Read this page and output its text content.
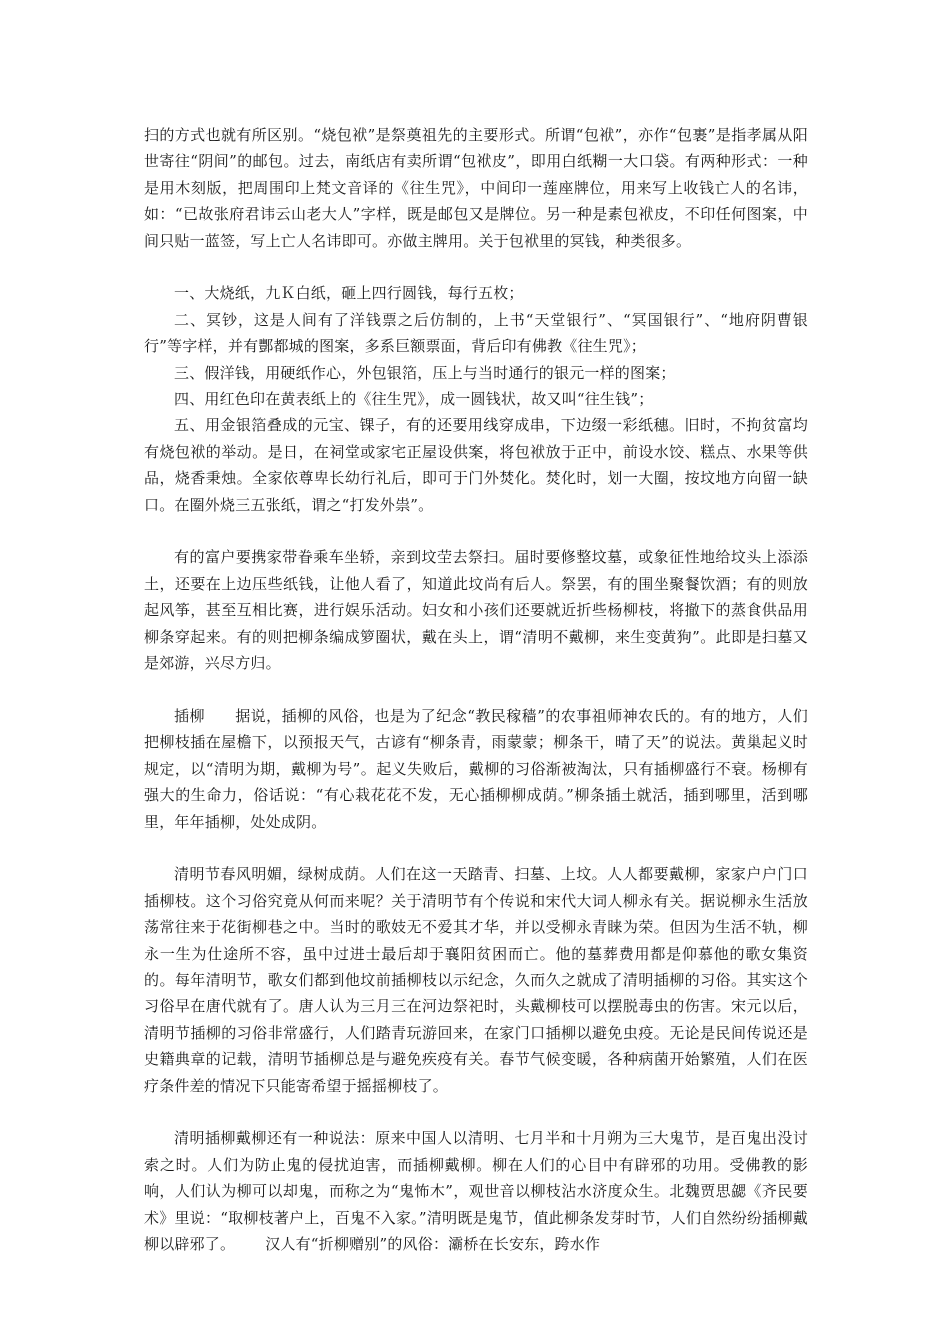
扫的方式也就有所区别。“烧包袱”是祭奠祖先的主要形式。所谓“包袱”，亦作“包裹”是指孝属从阳世寄往“阴间”的邮包。过去，南纸店有卖所谓“包袱皮”，即用白纸糊一大口袋。有两种形式：一种是用木刻版，把周围印上梵文音译的《往生咒》，中间印一莲座牌位，用来写上收钱亡人的名讳，如：“已故张府君讳云山老大人”字样，既是邮包又是牌位。另一种是素包袱皮，不印任何图案，中间只贴一蓝签，写上亡人名讳即可。亦做主牌用。关于包袱里的冥钱，种类很多。

一、大烧纸，九Ｋ白纸，砸上四行圆钱，每行五枚；

二、冥钞，这是人间有了洋钱票之后仿制的，上书“天堂银行”、“冥国银行”、“地府阴曹银行”等字样，并有酆都城的图案，多系巨额票面，背后印有佛教《往生咒》；

三、假洋钱，用硬纸作心，外包银箔，压上与当时通行的银元一样的图案；

四、用红色印在黄表纸上的《往生咒》，成一圆钱状，故又叫“往生钱”；

五、用金银箔叠成的元宝、锞子，有的还要用线穿成串，下边缀一彩纸穗。旧时，不拘贫富均有烧包袱的举动。是日，在祠堂或家宅正屋设供案，将包袱放于正中，前设水饺、糕点、水果等供品，烧香秉烛。全家依尊卑长幼行礼后，即可于门外焚化。焚化时，划一大圈，按坟地方向留一缺口。在圈外烧三五张纸，谓之“打发外祟”。

有的富户要携家带眷乘车坐轿，亲到坟茔去祭扫。届时要修整坟墓，或象征性地给坟头上添添土，还要在上边压些纸钱，让他人看了，知道此坟尚有后人。祭罢，有的围坐聚餐饮酒；有的则放起风筝，甚至互相比赛，进行娱乐活动。妇女和小孩们还要就近折些杨柳枝，将撤下的蒸食供品用柳条穿起来。有的则把柳条编成箩圈状，戴在头上，谓“清明不戴柳，来生变黄狗”。此即是扫墓又是郊游，兴尽方归。

插柳 据说，插柳的风俗，也是为了纪念“教民稼穑”的农事祖师神农氏的。有的地方，人们把柳枝插在屋檐下，以预报天气，古谚有“柳条青，雨蒙蒙；柳条干，晴了天”的说法。黄巢起义时规定，以“清明为期，戴柳为号”。起义失败后，戴柳的习俗渐被淘汰，只有插柳盛行不衰。杨柳有强大的生命力，俗话说：“有心栽花花不发，无心插柳柳成荫。”柳条插土就活，插到哪里，活到哪里，年年插柳，处处成阴。

清明节春风明媚，绿树成荫。人们在这一天踏青、扫墓、上坟。人人都要戴柳，家家户户门口插柳枝。这个习俗究竟从何而来呢？关于清明节有个传说和宋代大词人柳永有关。据说柳永生活放荡常往来于花街柳巷之中。当时的歌妓无不爱其才华，并以受柳永青睐为荣。但因为生活不轨，柳永一生为仕途所不容，虽中过进士最后却于襄阳贫困而亡。他的墓葬费用都是仰慕他的歌女集资的。每年清明节，歌女们都到他坟前插柳枝以示纪念，久而久之就成了清明插柳的习俗。其实这个习俗早在唐代就有了。唐人认为三月三在河边祭祀时，头戴柳枝可以摆脱毒虫的伤害。宋元以后，清明节插柳的习俗非常盛行，人们踏青玩游回来，在家门口插柳以避免虫疫。无论是民间传说还是史籍典章的记载，清明节插柳总是与避免疾疫有关。春节气候变暖，各种病菌开始繁殖，人们在医疗条件差的情况下只能寄希望于摇摇柳枝了。

清明插柳戴柳还有一种说法：原来中国人以清明、七月半和十月朔为三大鬼节，是百鬼出没讨索之时。人们为防止鬼的侵扰迫害，而插柳戴柳。柳在人们的心目中有辟邪的功用。受佛教的影响，人们认为柳可以却鬼，而称之为“鬼怖木”，观世音以柳枝沾水济度众生。北魏贾思勰《齐民要术》里说：“取柳枝著户上，百鬼不入家。”清明既是鬼节，值此柳条发芽时节，人们自然纷纷插柳戴柳以辟邪了。 汉人有“折柳赠别”的风俗：灞桥在长安东，跨水作
